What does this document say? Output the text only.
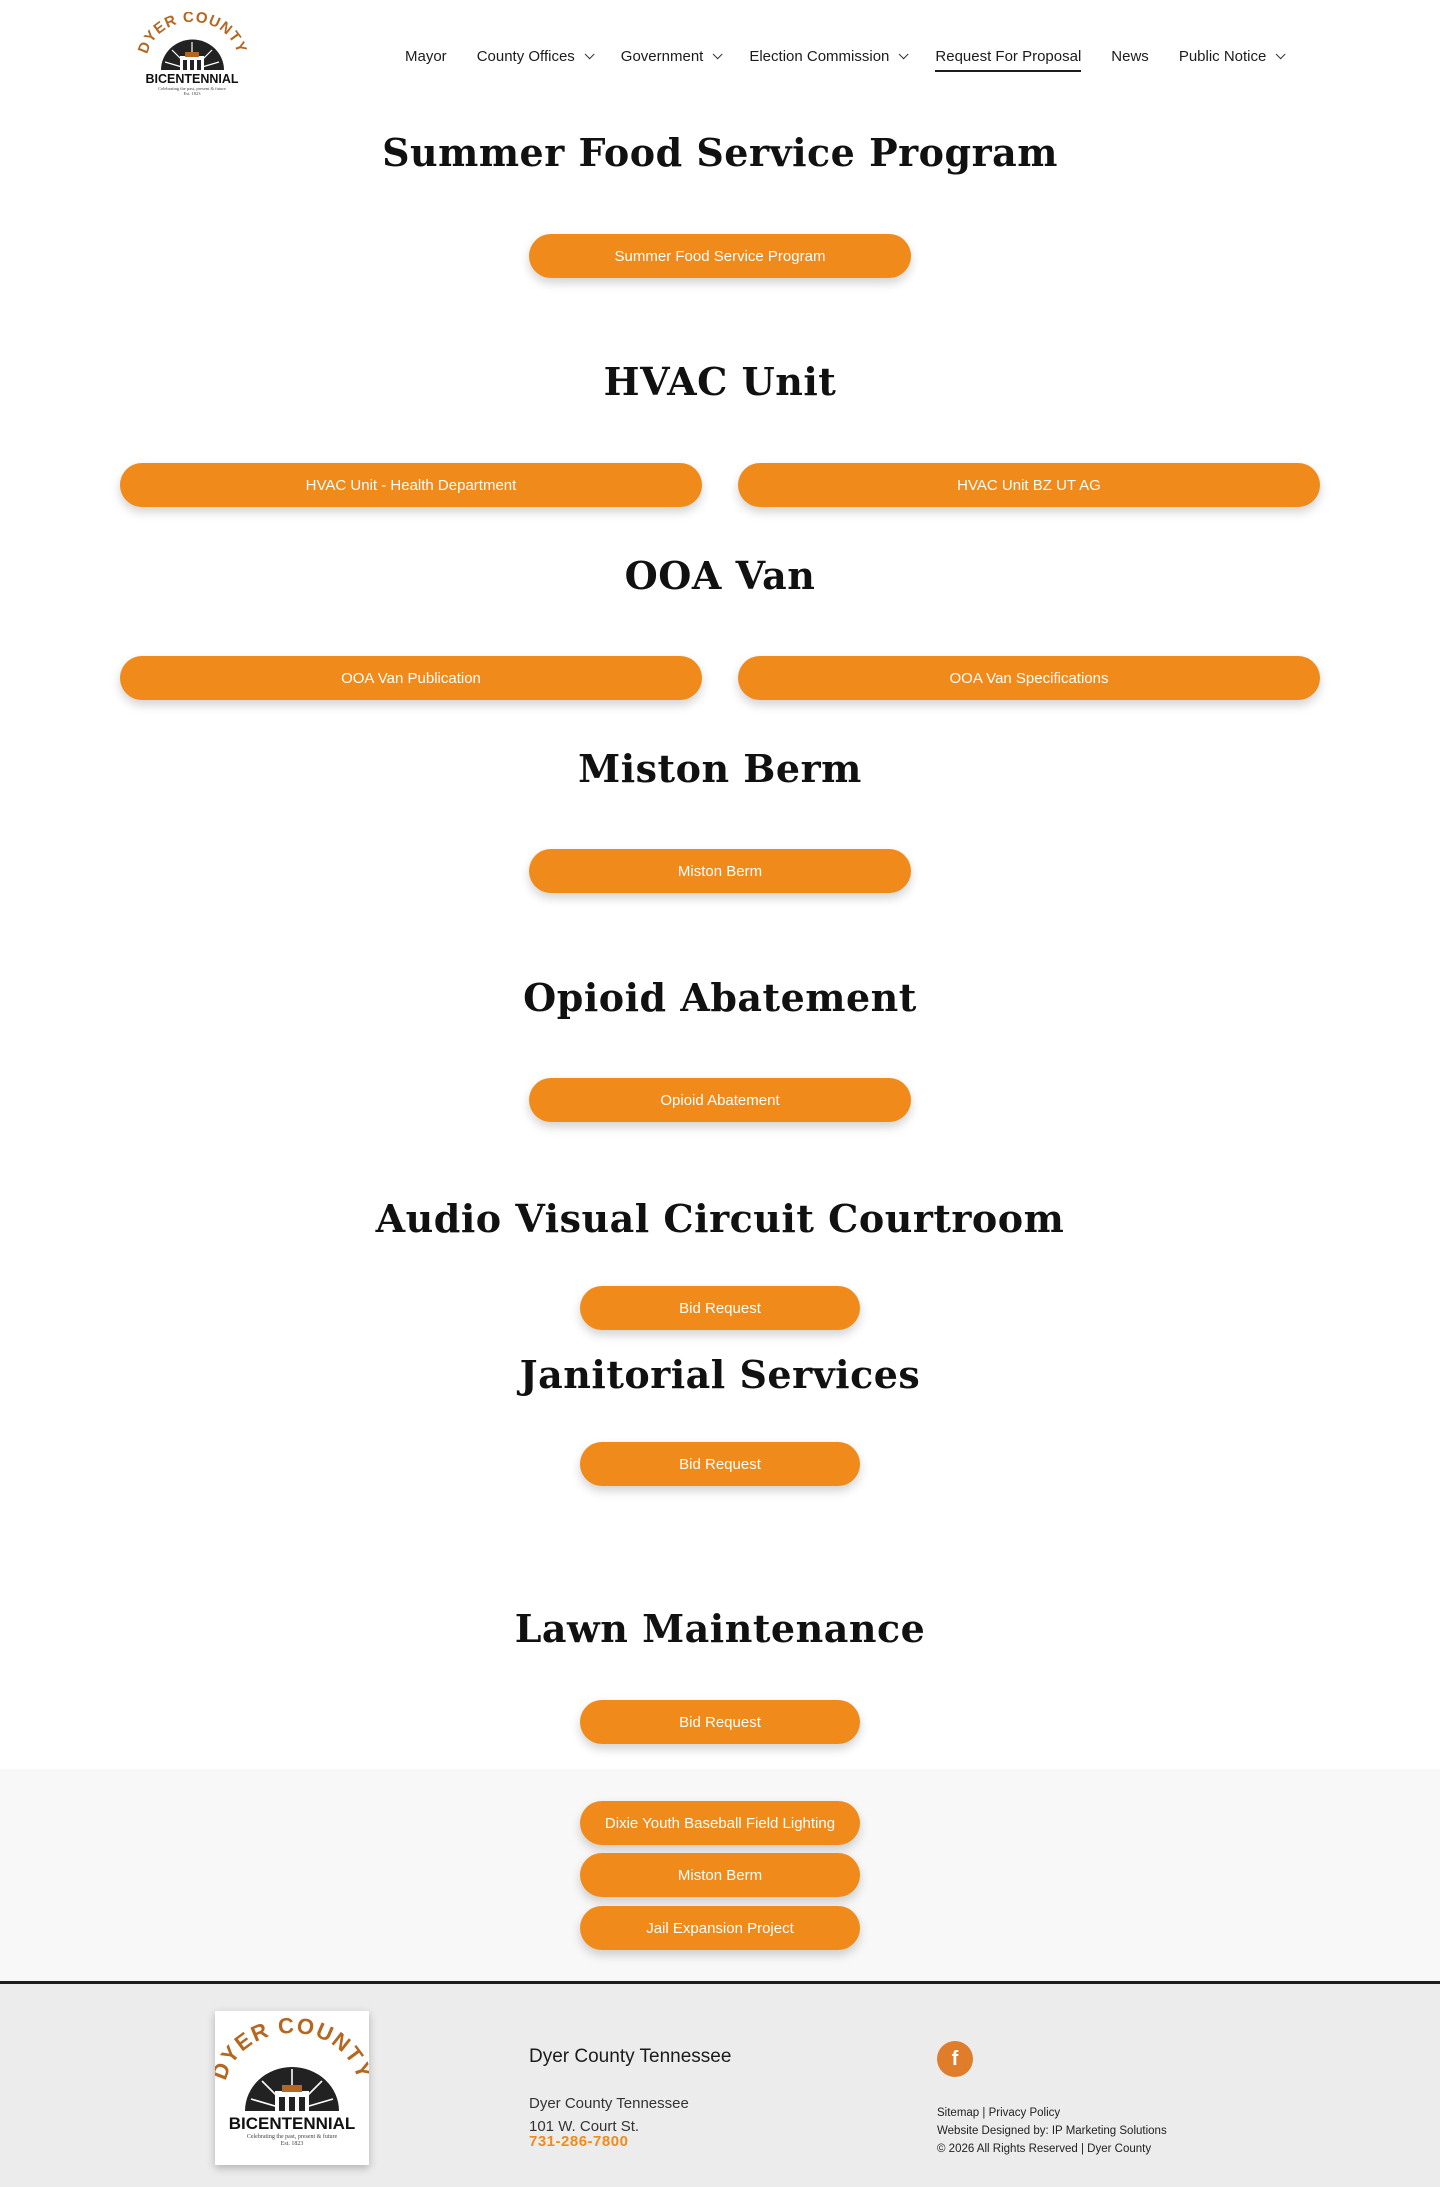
DYER COUNTY
BICENTENNIAL
Celebrating the past, present & future
Est. 1823
Mayor County Offices	Government	Election Commission	Request For Proposal News Public Notice
Summer Food Service Program
Summer Food Service Program
HVAC Unit
HVAC Unit - Health Department	HVAC Unit BZ UT AG
OOA Van
OOA Van Publication	OOA Van Specifications
Miston Berm
Miston Berm
Opioid Abatement
Opioid Abatement
Audio Visual Circuit Courtroom
Bid Request
Janitorial Services
Bid Request
Lawn Maintenance
Bid Request
Dixie Youth Baseball Field Lighting
Miston Berm
Jail Expansion Project
YER COUNT
BICENTENNIAL
Celebrating the past, present & future
Est. 1823
Dyer County Tennessee
Dyer County Tennessee
101 W. Court St.
731-286-7800
f
Sitemap | Privacy Policy
Website Designed by: IP Marketing Solutions
© 2026 All Rights Reserved | Dyer County
